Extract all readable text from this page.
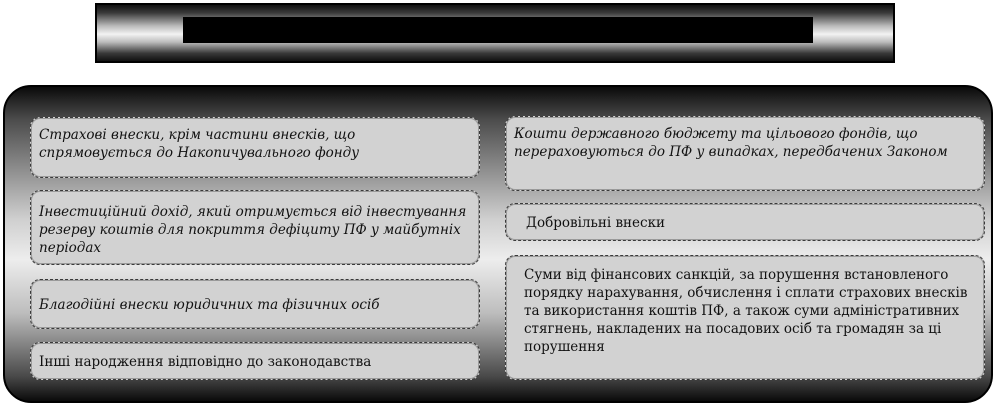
Страхові внески, крім частини внесків, що спрямовується до Накопичувального фонду
Інвестиційний дохід, який отримується від інвестування резерву коштів для покриття дефіциту ПФ у майбутніх періодах
Благодійні внески юридичних та фізичних осіб
Інші нарoдження відповідно до законодавства
Кошти державного бюджету та цільового фондів, що перераховуються до ПФ у випадках, передбачених Законом
Добровільні внески
Суми від фінансових санкцій, за порушення встановленого порядку нарахування, обчислення і сплати страхових внесків та використання коштів ПФ, а також суми адміністративних стягнень, накладених на посадових осіб та громадян за ці порушення
